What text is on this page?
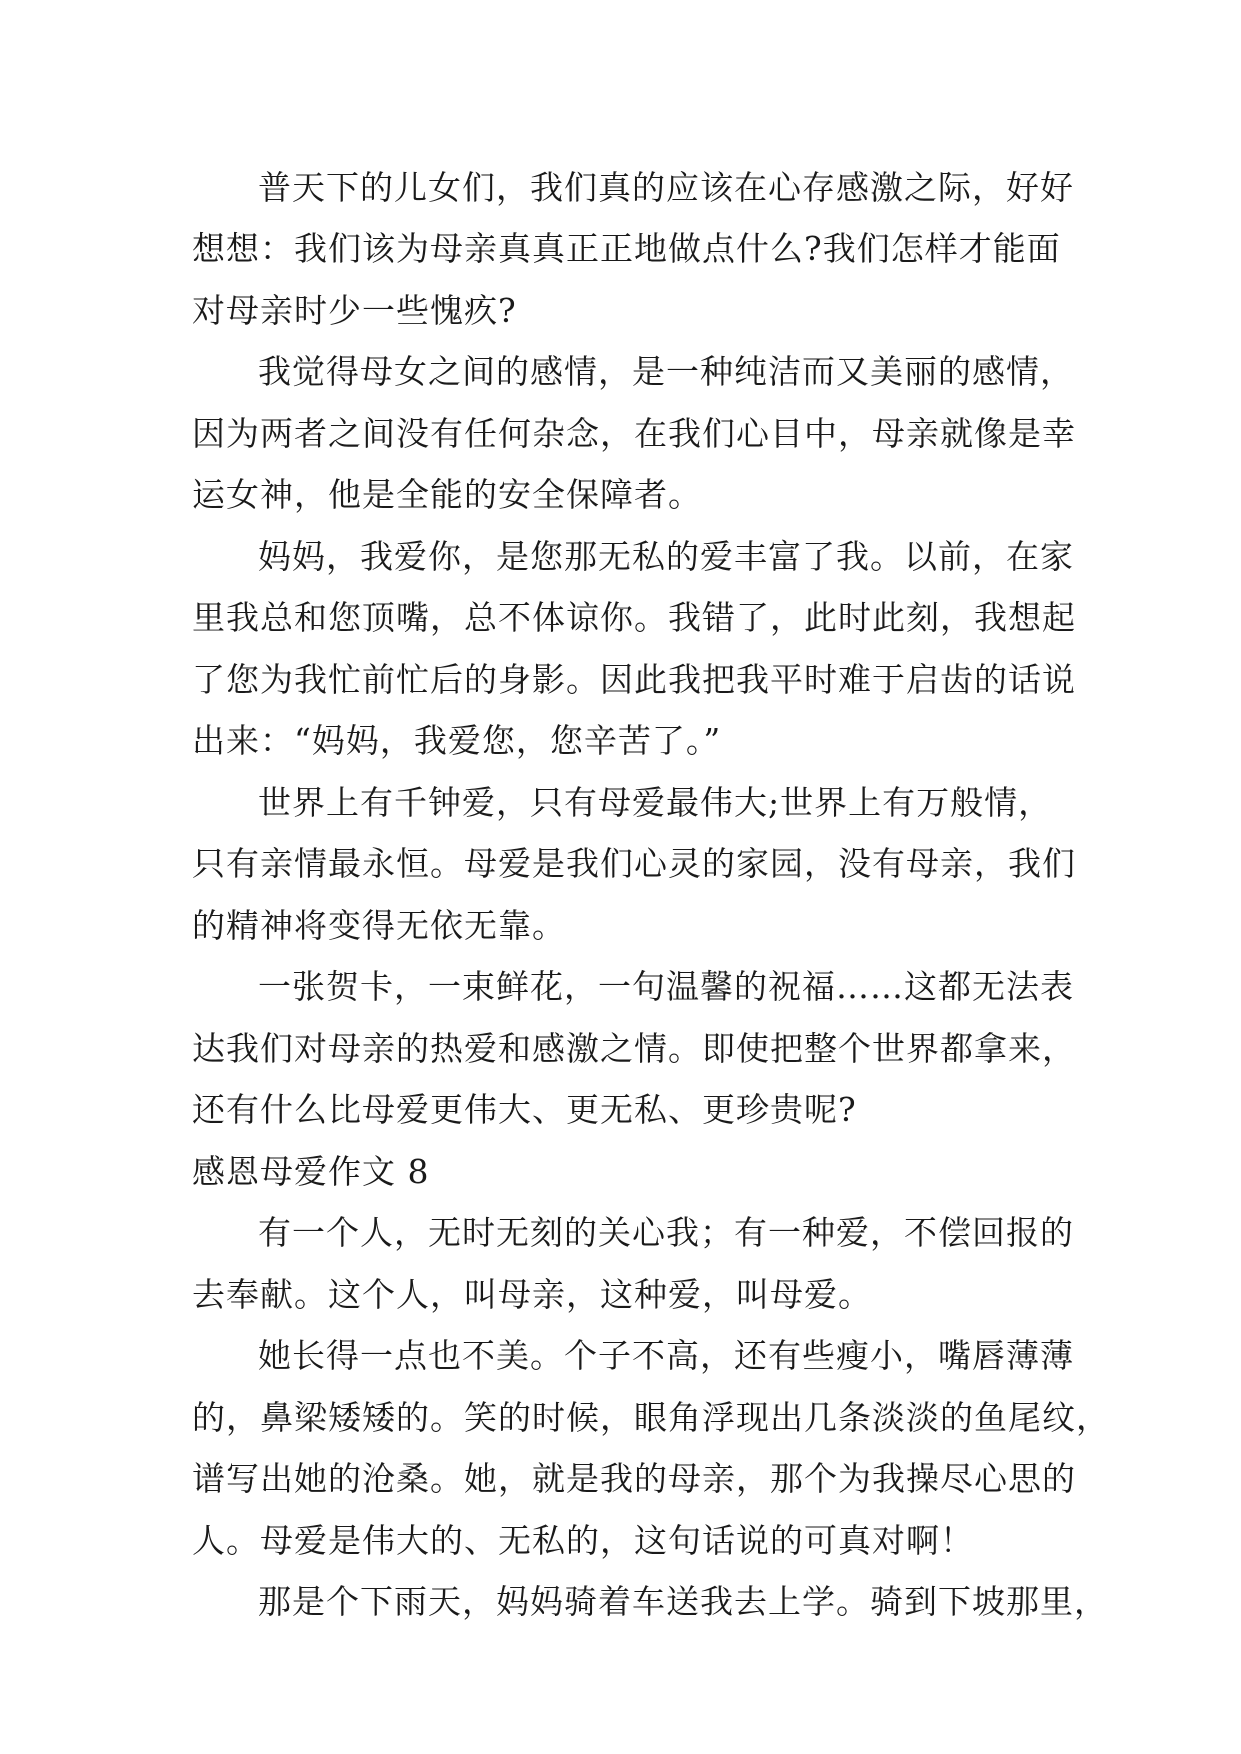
普天下的儿女们，我们真的应该在心存感激之际，好好
想想：我们该为母亲真真正正地做点什么?我们怎样才能面
对母亲时少一些愧疚?
我觉得母女之间的感情，是一种纯洁而又美丽的感情，
因为两者之间没有任何杂念，在我们心目中，母亲就像是幸
运女神，他是全能的安全保障者。
妈妈，我爱你，是您那无私的爱丰富了我。以前，在家
里我总和您顶嘴，总不体谅你。我错了，此时此刻，我想起
了您为我忙前忙后的身影。因此我把我平时难于启齿的话说
出来：“妈妈，我爱您，您辛苦了。”
世界上有千钟爱，只有母爱最伟大;世界上有万般情，
只有亲情最永恒。母爱是我们心灵的家园，没有母亲，我们
的精神将变得无依无靠。
一张贺卡，一束鲜花，一句温馨的祝福……这都无法表
达我们对母亲的热爱和感激之情。即使把整个世界都拿来，
还有什么比母爱更伟大、更无私、更珍贵呢?
感恩母爱作文 8
有一个人，无时无刻的关心我；有一种爱，不偿回报的
去奉献。这个人，叫母亲，这种爱，叫母爱。
她长得一点也不美。个子不高，还有些瘦小，嘴唇薄薄
的，鼻梁矮矮的。笑的时候，眼角浮现出几条淡淡的鱼尾纹，
谱写出她的沧桑。她，就是我的母亲，那个为我操尽心思的
人。母爱是伟大的、无私的，这句话说的可真对啊！
那是个下雨天，妈妈骑着车送我去上学。骑到下坡那里，
